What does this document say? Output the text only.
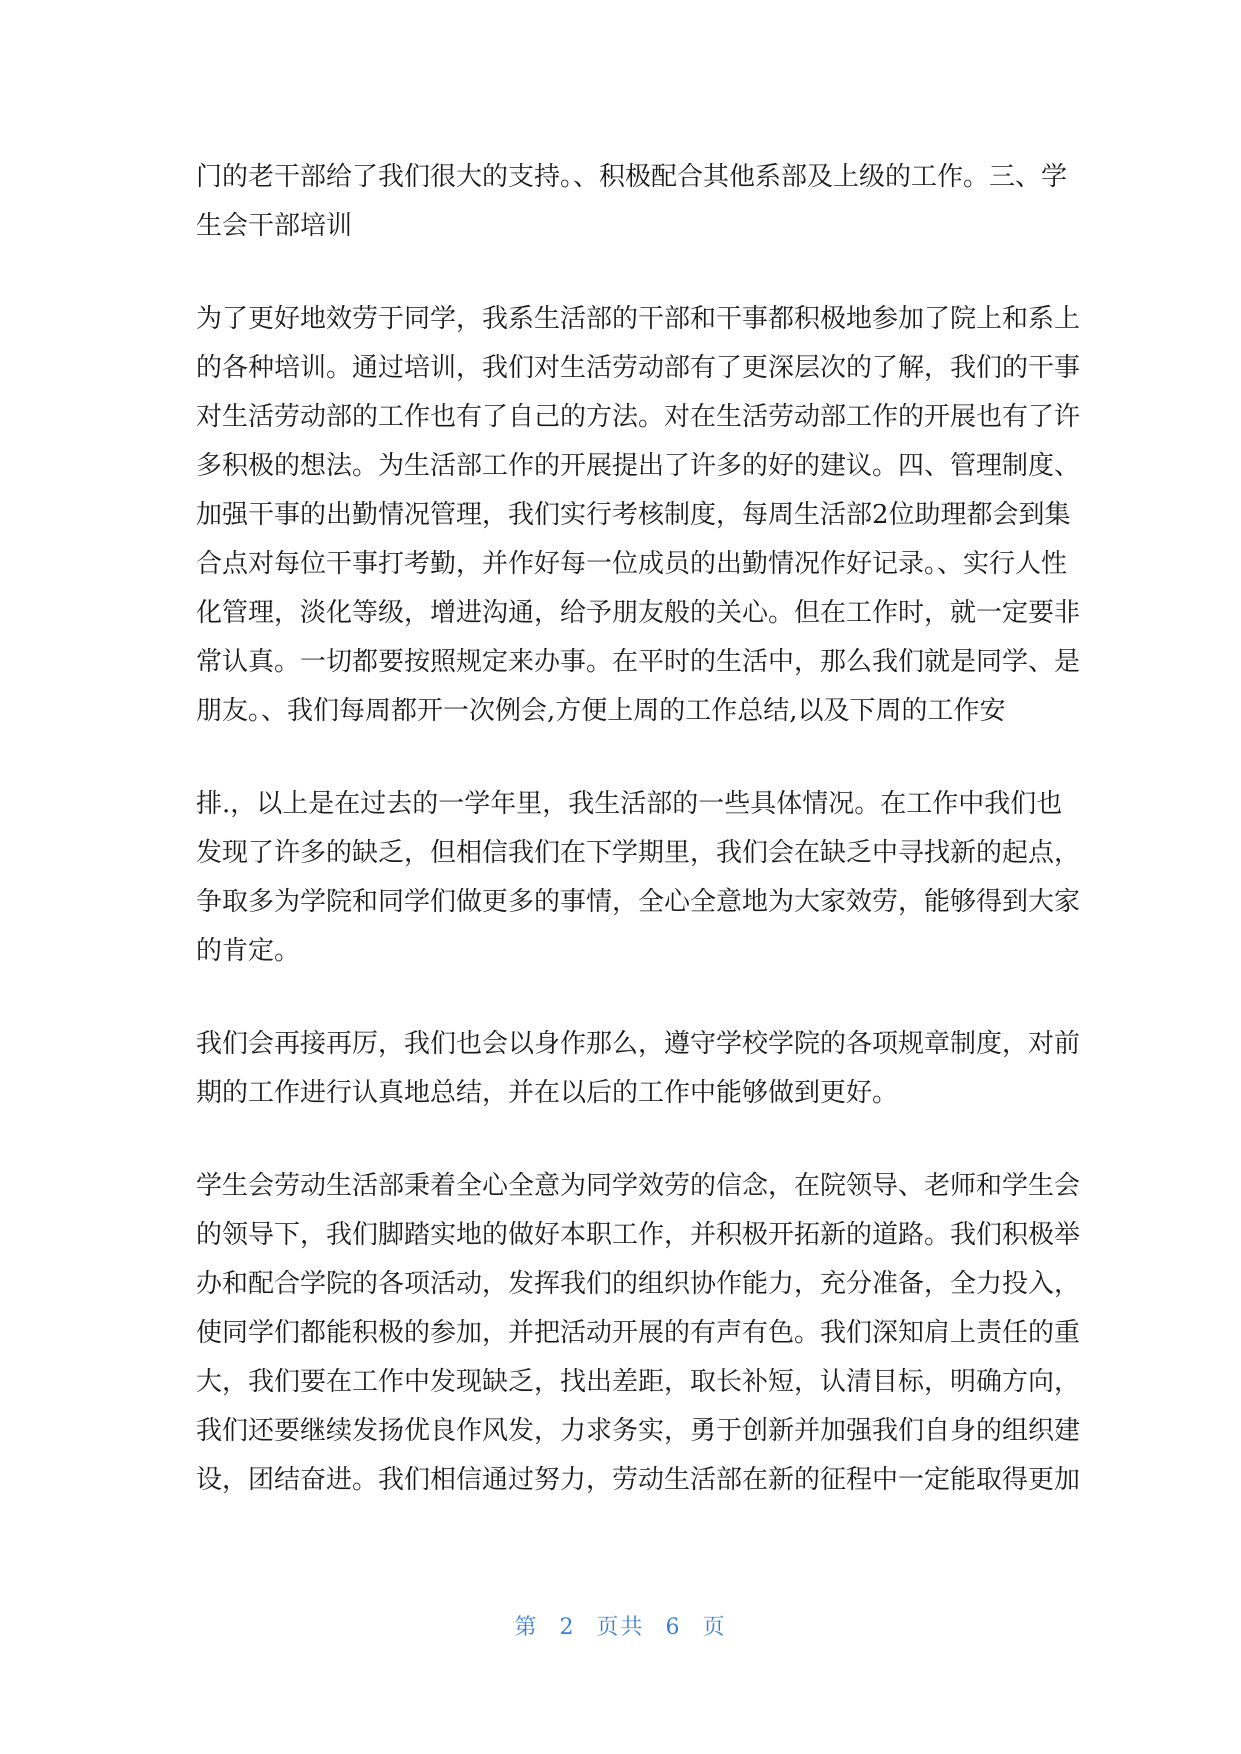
门的老干部给了我们很大的支持。、积极配合其他系部及上级的工作。三、学
生会干部培训
为了更好地效劳于同学，我系生活部的干部和干事都积极地参加了院上和系上
的各种培训。通过培训，我们对生活劳动部有了更深层次的了解，我们的干事
对生活劳动部的工作也有了自己的方法。对在生活劳动部工作的开展也有了许
多积极的想法。为生活部工作的开展提出了许多的好的建议。四、管理制度、
加强干事的出勤情况管理，我们实行考核制度，每周生活部2位助理都会到集
合点对每位干事打考勤，并作好每一位成员的出勤情况作好记录。、实行人性
化管理，淡化等级，增进沟通，给予朋友般的关心。但在工作时，就一定要非
常认真。一切都要按照规定来办事。在平时的生活中，那么我们就是同学、是
朋友。、我们每周都开一次例会,方便上周的工作总结,以及下周的工作安
排.，以上是在过去的一学年里，我生活部的一些具体情况。在工作中我们也
发现了许多的缺乏，但相信我们在下学期里，我们会在缺乏中寻找新的起点，
争取多为学院和同学们做更多的事情，全心全意地为大家效劳，能够得到大家
的肯定。
我们会再接再厉，我们也会以身作那么，遵守学校学院的各项规章制度，对前
期的工作进行认真地总结，并在以后的工作中能够做到更好。
学生会劳动生活部秉着全心全意为同学效劳的信念，在院领导、老师和学生会
的领导下，我们脚踏实地的做好本职工作，并积极开拓新的道路。我们积极举
办和配合学院的各项活动，发挥我们的组织协作能力，充分准备，全力投入，
使同学们都能积极的参加，并把活动开展的有声有色。我们深知肩上责任的重
大，我们要在工作中发现缺乏，找出差距，取长补短，认清目标，明确方向，
我们还要继续发扬优良作风发，力求务实，勇于创新并加强我们自身的组织建
设，团结奋进。我们相信通过努力，劳动生活部在新的征程中一定能取得更加
第 2 页共 6 页
